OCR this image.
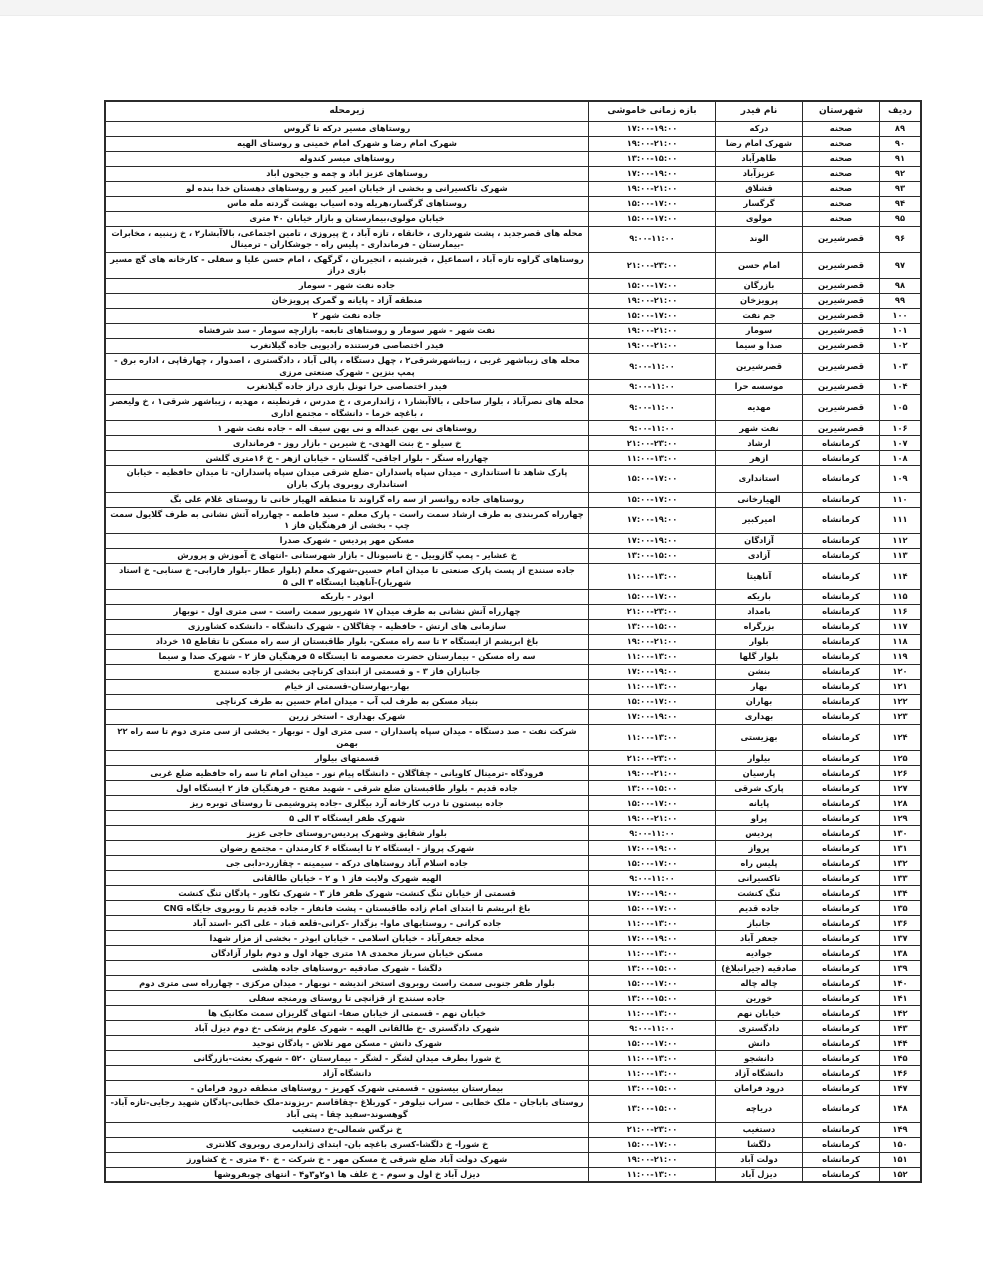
ردیف	شهرستان	نام فیدر	بازه زمانی خاموشی	زیرمحله
۸۹	صحنه	درکه	۱۷:۰۰-۱۹:۰۰	روستاهای مسیر درکه تا گروس
۹۰	صحنه	شهرک امام رضا	۱۹:۰۰-۲۱:۰۰	شهرک امام رضا و شهرک امام خمینی و روستای الهیه
۹۱	صحنه	طاهرآباد	۱۳:۰۰-۱۵:۰۰	روستاهای میسر کندوله
۹۲	صحنه	عزیزآباد	۱۷:۰۰-۱۹:۰۰	روستاهای عزیز اباد و چمه و جیحون اباد
۹۳	صحنه	قشلاق	۱۹:۰۰-۲۱:۰۰	شهرک تاکسیرانی و بخشی از خیابان امیر کبیر و روستاهای دهستان خدا بنده لو
۹۴	صحنه	گرگسار	۱۵:۰۰-۱۷:۰۰	روستاهای گرگسار،هریله وده اسیاب بهشت گردنه مله ماس
۹۵	صحنه	مولوی	۱۵:۰۰-۱۷:۰۰	خیابان مولوی،بیمارستان و بازار خیابان ۴۰ متری
۹۶	قصرشیرین	الوند	۹:۰۰-۱۱:۰۰	محله های قصرجدید ، پشت شهرداری ، خانقاه ، تازه آباد ، خ پیروزی ، تامین اجتماعی، بالاآبشار۲ ، خ زینبیه ، مخابرات -بیمارستان - فرمانداری - پلیس راه - جوشکاران - ترمینال
۹۷	قصرشیرین	امام حسن	۲۱:۰۰-۲۳:۰۰	روستاهای گراوه تازه آباد ، اسماعیل ، قبرشنبه ، انجیربان ، گرگهک ، امام حسن علیا و سفلی - کارخانه های گچ مسیر بازی دراز
۹۸	قصرشیرین	بازرگان	۱۵:۰۰-۱۷:۰۰	جاده نفت شهر - سومار
۹۹	قصرشیرین	پرویزخان	۱۹:۰۰-۲۱:۰۰	منطقه آزاد - پایانه و گمرک پرویزخان
۱۰۰	قصرشیرین	جم نفت	۱۵:۰۰-۱۷:۰۰	جاده نفت شهر ۲
۱۰۱	قصرشیرین	سومار	۱۹:۰۰-۲۱:۰۰	نفت شهر - شهر سومار و روستاهای تابعه- بازارچه سومار - سد شرفشاه
۱۰۲	قصرشیرین	صدا و سیما	۱۹:۰۰-۲۱:۰۰	فیدر اختصاصی فرستنده رادیویی جاده گیلانغرب
۱۰۳	قصرشیرین	قصرشیرین	۹:۰۰-۱۱:۰۰	محله های زیباشهر غربی ، زیباشهرشرقی۲ ، چهل دستگاه ، پالی آباد ، دادگستری ، اصدوار ، چهارقاپی ، اداره برق - پمپ بنزین - شهرک صنعتی مرزی
۱۰۴	قصرشیرین	موسسه حرا	۹:۰۰-۱۱:۰۰	فیدر اختصاصی حرا تونل بازی دراز جاده گیلانغرب
۱۰۵	قصرشیرین	مهدیه	۹:۰۰-۱۱:۰۰	محله های نصرآباد ، بلوار ساحلی ، بالاآبشار۱ ، ژاندارمری ، خ مدرس ، قرنطینه ، مهدیه ، زیباشهر شرقی۱ ، خ ولیعصر ، باغچه خرما - دانشگاه - مجتمع اداری
۱۰۶	قصرشیرین	نفت شهر	۹:۰۰-۱۱:۰۰	روستاهای نی بهن عبداله و نی بهن سیف اله - جاده نفت شهر ۱
۱۰۷	کرمانشاه	ارشاد	۲۱:۰۰-۲۳:۰۰	خ سیلو - خ بنت الهدی- خ شیرین - بازار روز - فرمانداری
۱۰۸	کرمانشاه	ازهر	۱۱:۰۰-۱۳:۰۰	چهارراه سنگر - بلوار اجاقی- گلستان - خیابان ازهر - خ ۱۶متری گلشن
۱۰۹	کرمانشاه	استانداری	۱۵:۰۰-۱۷:۰۰	پارک شاهد تا استانداری - میدان سپاه پاسداران -ضلع شرقی میدان سپاه پاسداران- تا میدان حافظیه - خیابان استانداری روبروی پارک باران
۱۱۰	کرمانشاه	الهیارخانی	۱۵:۰۰-۱۷:۰۰	روستاهای جاده روانسر از سه راه گراوند تا منطقه الهیار خانی تا روستای غلام علی بگ
۱۱۱	کرمانشاه	امیرکبیر	۱۷:۰۰-۱۹:۰۰	چهارراه کمربندی به طرف ارشاد سمت راست - پارک معلم - سید فاطمه - چهارراه آتش نشانی به طرف گلایول سمت چپ - بخشی از فرهنگیان فاز ۱
۱۱۲	کرمانشاه	آزادگان	۱۷:۰۰-۱۹:۰۰	مسکن مهر پردیس - شهرک صدرا
۱۱۳	کرمانشاه	آزادی	۱۳:۰۰-۱۵:۰۰	خ عشایر - پمپ گازوییل - خ ناسیونال - بازار شهرستانی -انتهای خ آموزش و پرورش
۱۱۴	کرمانشاه	آناهیتا	۱۱:۰۰-۱۳:۰۰	جاده سنندج از پست پارک صنعتی تا میدان امام حسین-شهرک معلم (بلوار عطار -بلوار فارابی- خ سنابی- خ استاد شهریار)-آناهیتا ایستگاه ۳ الی ۵
۱۱۵	کرمانشاه	باریکه	۱۵:۰۰-۱۷:۰۰	ابوذر - باریکه
۱۱۶	کرمانشاه	بامداد	۲۱:۰۰-۲۳:۰۰	چهارراه آتش نشانی به طرف میدان ۱۷ شهریور سمت راست - سی متری اول - نوبهار
۱۱۷	کرمانشاه	بزرگراه	۱۳:۰۰-۱۵:۰۰	سازمانی های ارتش - حافظیه - چقاگلان - شهرک دانشگاه - دانشکده کشاورزی
۱۱۸	کرمانشاه	بلوار	۱۹:۰۰-۲۱:۰۰	باغ ابریشم از ایستگاه ۲ تا سه راه مسکن- بلوار طاقبستان از سه راه مسکن تا تقاطع ۱۵ خرداد
۱۱۹	کرمانشاه	بلوار گلها	۱۱:۰۰-۱۳:۰۰	سه راه مسکن - بیمارستان حضرت معصومه تا ایستگاه ۵ فرهنگیان فاز ۲ - شهرک صدا و سیما
۱۲۰	کرمانشاه	بنشن	۱۷:۰۰-۱۹:۰۰	جانبازان فاز ۳ - و قسمتی از ابتدای کرناچی بخشی از جاده سنندج
۱۲۱	کرمانشاه	بهار	۱۱:۰۰-۱۳:۰۰	بهار-بهارستان-قسمتی از خیام
۱۲۲	کرمانشاه	بهاران	۱۵:۰۰-۱۷:۰۰	بنیاد مسکن به طرف لب آب - میدان امام حسین به طرف کرناچی
۱۲۳	کرمانشاه	بهداری	۱۷:۰۰-۱۹:۰۰	شهرک بهداری - استخر زرین
۱۲۴	کرمانشاه	بهزیستی	۱۱:۰۰-۱۳:۰۰	شرکت نفت - صد دستگاه - میدان سپاه پاسداران - سی متری اول - نوبهار - بخشی از سی متری دوم تا سه راه ۲۲ بهمن
۱۲۵	کرمانشاه	بیلوار	۲۱:۰۰-۲۳:۰۰	قسمتهای بیلوار
۱۲۶	کرمانشاه	پارسیان	۱۹:۰۰-۲۱:۰۰	فرودگاه -ترمینال کاویانی - چقاگلان - دانشگاه پیام نور - میدان امام تا سه راه حافظیه ضلع غربی
۱۲۷	کرمانشاه	پارک شرقی	۱۳:۰۰-۱۵:۰۰	جاده قدیم - بلوار طاقبستان ضلع شرقی - شهید مفتح - فرهنگیان فاز ۲ ایستگاه اول
۱۲۸	کرمانشاه	پایانه	۱۵:۰۰-۱۷:۰۰	جاده بیستون تا درب کارخانه آرد بیگلری -جاده پتروشیمی تا روستای توبره ریز
۱۲۹	کرمانشاه	پراو	۱۹:۰۰-۲۱:۰۰	شهرک ظفر ایستگاه ۳ الی ۵
۱۳۰	کرمانشاه	پردیس	۹:۰۰-۱۱:۰۰	بلوار شقایق وشهرک پردیس-روستای حاجی عزیز
۱۳۱	کرمانشاه	پرواز	۱۷:۰۰-۱۹:۰۰	شهرک پرواز - ایستگاه ۲ تا ایستگاه ۶ کارمندان - مجتمع رضوان
۱۳۲	کرمانشاه	پلیس راه	۱۵:۰۰-۱۷:۰۰	جاده اسلام آباد روستاهای درکه - سیمینه - چقازرد-دابی جی
۱۳۳	کرمانشاه	تاکسیرانی	۹:۰۰-۱۱:۰۰	الهیه شهرک ولایت فاز ۱ و ۲ - خیابان طالقانی
۱۳۴	کرمانشاه	تنگ کنشت	۱۷:۰۰-۱۹:۰۰	قسمتی از خیابان تنگ کنشت- شهرک ظفر فاز ۳ - شهرک تکاور - پادگان تنگ کنشت
۱۳۵	کرمانشاه	جاده قدیم	۱۵:۰۰-۱۷:۰۰	باغ ابریشم تا ابتدای امام زاده طاقبستان - پشت فانفار - جاده قدیم تا روبروی جایگاه CNG
۱۳۶	کرمانشاه	جانباز	۱۱:۰۰-۱۳:۰۰	جاده کرانی - روستایهای ماوا- بزگدار -کرانی-قلعه قباد - علی اکبر -استد آباد
۱۳۷	کرمانشاه	جعفر آباد	۱۷:۰۰-۱۹:۰۰	محله جعفرآباد - خیابان اسلامی - خیابان ابوذر - بخشی از مزار شهدا
۱۳۸	کرمانشاه	جوادیه	۱۱:۰۰-۱۳:۰۰	مسکن خیابان سرباز محمدی ۱۸ متری جهاد اول و دوم بلوار آزادگان
۱۳۹	کرمانشاه	صادقیه (جیرانبلاغ)	۱۳:۰۰-۱۵:۰۰	دلگشا - شهرک صادقیه -روستاهای جاده هلشی
۱۴۰	کرمانشاه	چاله چاله	۱۵:۰۰-۱۷:۰۰	بلوار ظفر جنوبی سمت راست روبروی استخر اندیشه - نوبهار - میدان مرکزی - چهارراه سی متری دوم
۱۴۱	کرمانشاه	خورین	۱۳:۰۰-۱۵:۰۰	جاده سنندج از قزانچی تا روستای ورمنجه سفلی
۱۴۲	کرمانشاه	خیابان نهم	۱۱:۰۰-۱۳:۰۰	خیابان نهم - قسمتی از خیابان صفا- انتهای گلریزان سمت مکانیک ها
۱۴۳	کرمانشاه	دادگستری	۹:۰۰-۱۱:۰۰	شهرک دادگستری -خ طالقانی الهیه - شهرک علوم پزشکی -خ دوم دیزل آباد
۱۴۴	کرمانشاه	دانش	۱۵:۰۰-۱۷:۰۰	شهرک دانش - مسکن مهر تلاش - پادگان توحید
۱۴۵	کرمانشاه	دانشجو	۱۱:۰۰-۱۳:۰۰	خ شورا بطرف میدان لشگر - لشگر - بیمارستان ۵۲۰ - شهرک بعثت-بازرگانی
۱۴۶	کرمانشاه	دانشگاه آزاد	۱۱:۰۰-۱۳:۰۰	دانشگاه آزاد
۱۴۷	کرمانشاه	درود فرامان	۱۳:۰۰-۱۵:۰۰	بیمارستان بیستون - قسمتی شهرک کهریز - روستاهای منطقه درود فرامان -
۱۴۸	کرمانشاه	دریاچه	۱۳:۰۰-۱۵:۰۰	روستای باباجان - ملک خطابی - سراب نیلوفر - کوربلاغ -چقاقاسم -ریزوند-ملک خطابی-پادگان شهید رجایی-تازه آباد-گوهسوند-سفید چقا - پتی آباد
۱۴۹	کرمانشاه	دستغیب	۲۱:۰۰-۲۳:۰۰	خ نرگس شمالی-خ دستغیب
۱۵۰	کرمانشاه	دلگشا	۱۵:۰۰-۱۷:۰۰	خ شورا- خ دلگشا-کسری باغچه بان- ابتدای ژاندارمری روبروی کلانتری
۱۵۱	کرمانشاه	دولت آباد	۱۹:۰۰-۲۱:۰۰	شهرک دولت آباد ضلع شرقی خ مسکن مهر - خ شرکت - خ ۴۰ متری - خ کشاورز
۱۵۲	کرمانشاه	دیزل آباد	۱۱:۰۰-۱۳:۰۰	دیزل آباد خ اول و سوم - خ علف ها ۱و۲و۳و۴ - انتهای چوبفروشها
